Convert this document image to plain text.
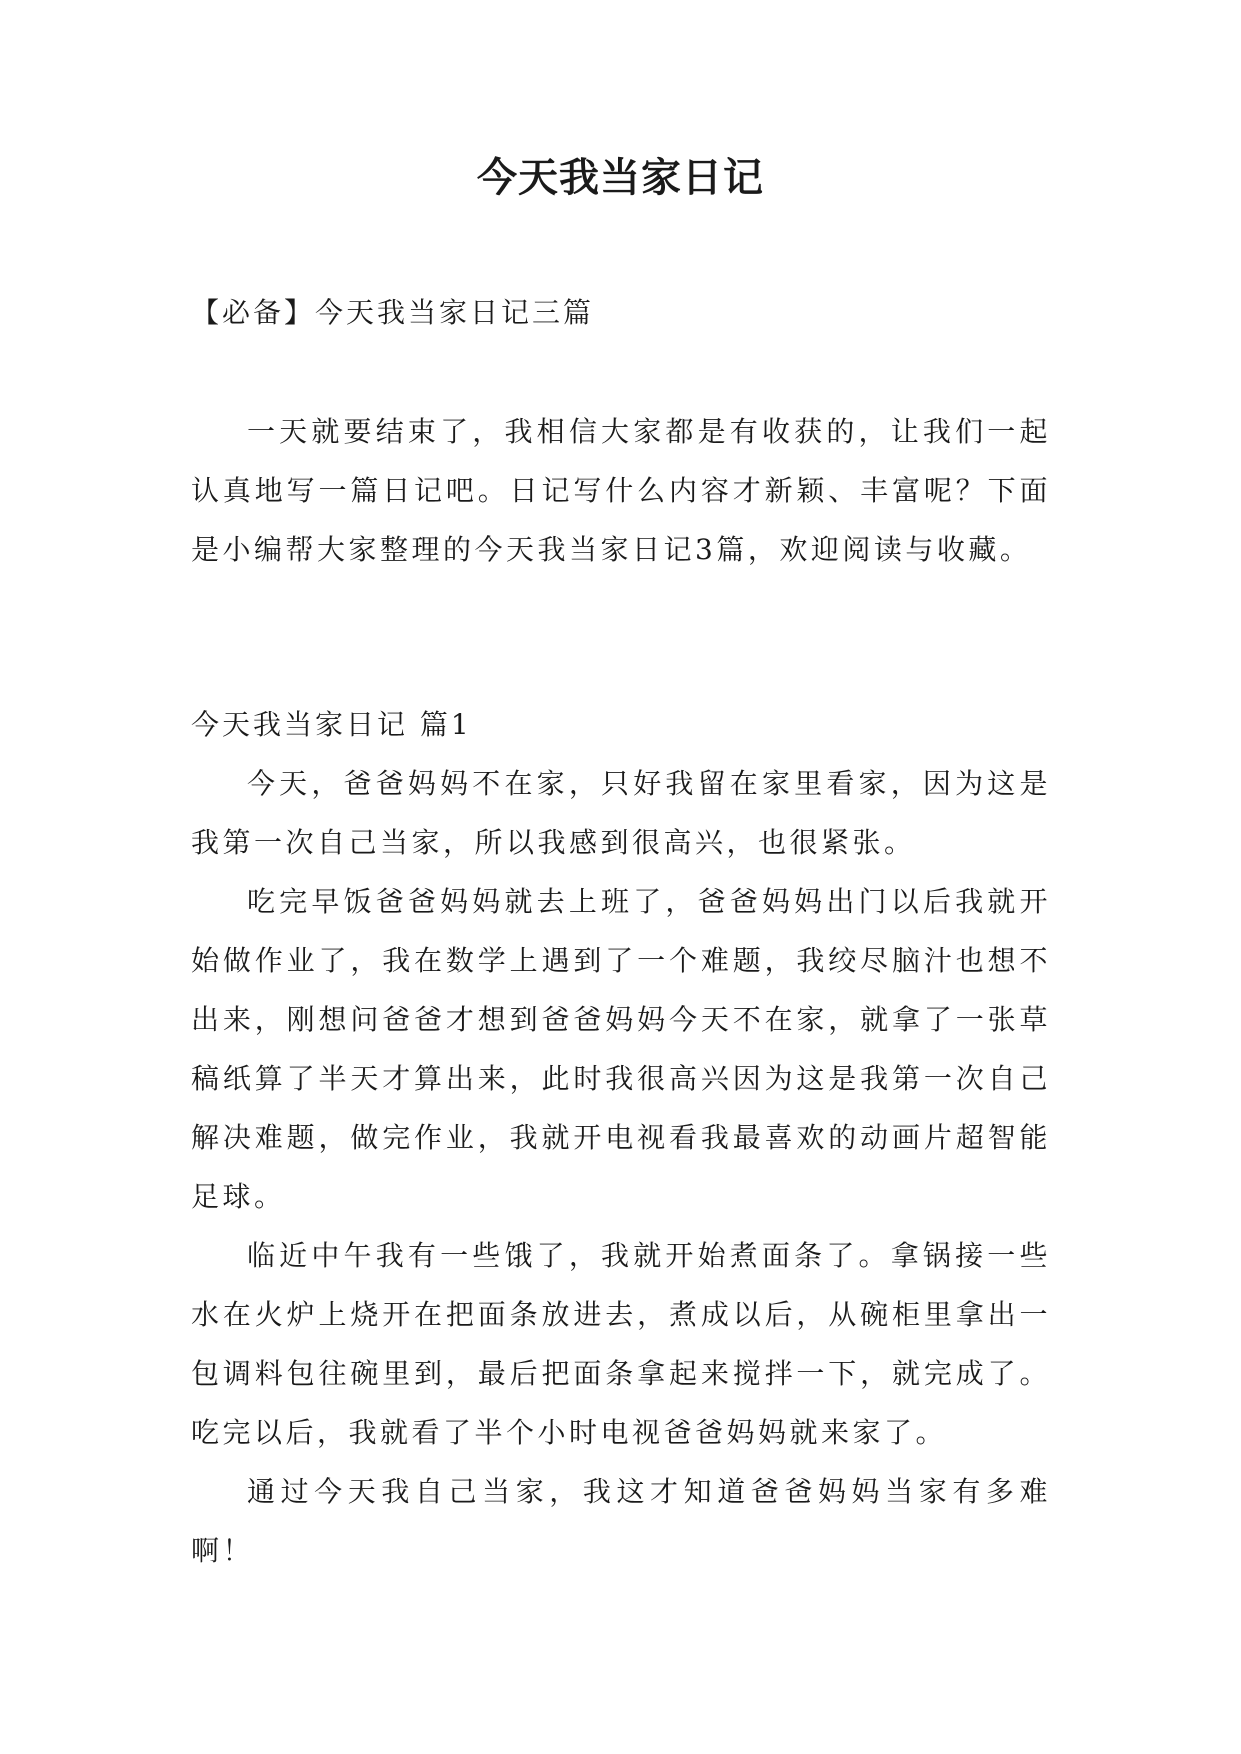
今天我当家日记
【必备】今天我当家日记三篇

一天就要结束了，我相信大家都是有收获的，让我们一起认真地写一篇日记吧。日记写什么内容才新颖、丰富呢？下面是小编帮大家整理的今天我当家日记3篇，欢迎阅读与收藏。

今天我当家日记 篇1

今天，爸爸妈妈不在家，只好我留在家里看家，因为这是我第一次自己当家，所以我感到很高兴，也很紧张。

吃完早饭爸爸妈妈就去上班了，爸爸妈妈出门以后我就开始做作业了，我在数学上遇到了一个难题，我绞尽脑汁也想不出来，刚想问爸爸才想到爸爸妈妈今天不在家，就拿了一张草稿纸算了半天才算出来，此时我很高兴因为这是我第一次自己解决难题，做完作业，我就开电视看我最喜欢的动画片超智能足球。

临近中午我有一些饿了，我就开始煮面条了。拿锅接一些水在火炉上烧开在把面条放进去，煮成以后，从碗柜里拿出一包调料包往碗里到，最后把面条拿起来搅拌一下，就完成了。吃完以后，我就看了半个小时电视爸爸妈妈就来家了。

通过今天我自己当家，我这才知道爸爸妈妈当家有多难啊！
